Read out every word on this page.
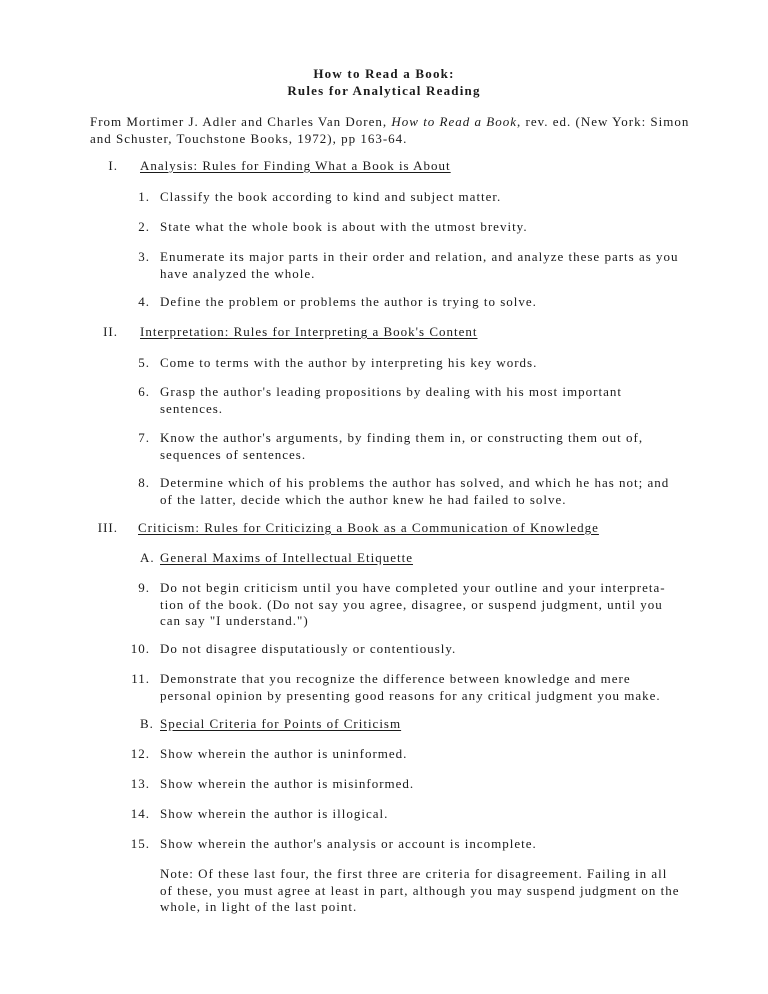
How to Read a Book:
Rules for Analytical Reading
From Mortimer J. Adler and Charles Van Doren, How to Read a Book, rev. ed. (New York: Simon and Schuster, Touchstone Books, 1972), pp 163-64.
I. Analysis: Rules for Finding What a Book is About
1. Classify the book according to kind and subject matter.
2. State what the whole book is about with the utmost brevity.
3. Enumerate its major parts in their order and relation, and analyze these parts as you have analyzed the whole.
4. Define the problem or problems the author is trying to solve.
II. Interpretation: Rules for Interpreting a Book's Content
5. Come to terms with the author by interpreting his key words.
6. Grasp the author's leading propositions by dealing with his most important sentences.
7. Know the author's arguments, by finding them in, or constructing them out of, sequences of sentences.
8. Determine which of his problems the author has solved, and which he has not; and of the latter, decide which the author knew he had failed to solve.
III. Criticism: Rules for Criticizing a Book as a Communication of Knowledge
A. General Maxims of Intellectual Etiquette
9. Do not begin criticism until you have completed your outline and your interpreta-tion of the book. (Do not say you agree, disagree, or suspend judgment, until you can say "I understand.")
10. Do not disagree disputatiously or contentiously.
11. Demonstrate that you recognize the difference between knowledge and mere personal opinion by presenting good reasons for any critical judgment you make.
B. Special Criteria for Points of Criticism
12. Show wherein the author is uninformed.
13. Show wherein the author is misinformed.
14. Show wherein the author is illogical.
15. Show wherein the author's analysis or account is incomplete.
Note: Of these last four, the first three are criteria for disagreement. Failing in all of these, you must agree at least in part, although you may suspend judgment on the whole, in light of the last point.
